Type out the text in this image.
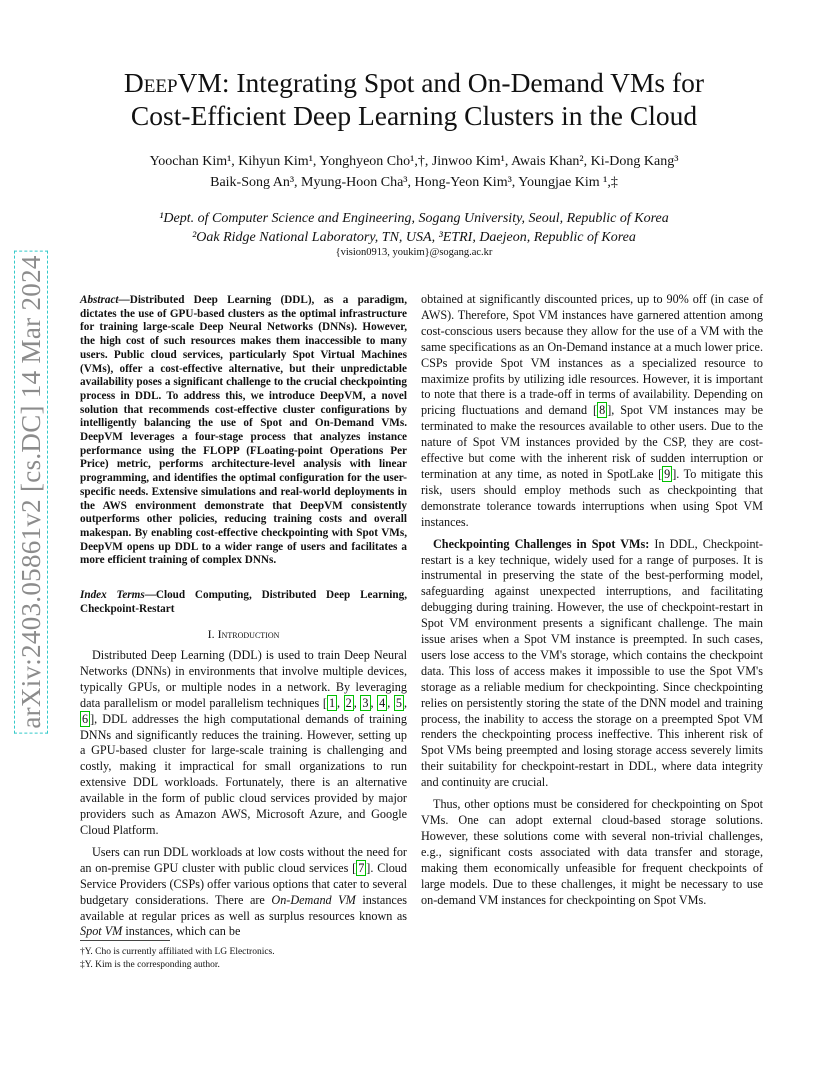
arXiv:2403.05861v2 [cs.DC] 14 Mar 2024
DeepVM: Integrating Spot and On-Demand VMs for
Cost-Efficient Deep Learning Clusters in the Cloud
Yoochan Kim¹, Kihyun Kim¹, Yonghyeon Cho¹,†, Jinwoo Kim¹, Awais Khan², Ki-Dong Kang³
Baik-Song An³, Myung-Hoon Cha³, Hong-Yeon Kim³, Youngjae Kim ¹,‡
¹Dept. of Computer Science and Engineering, Sogang University, Seoul, Republic of Korea
²Oak Ridge National Laboratory, TN, USA, ³ETRI, Daejeon, Republic of Korea
{vision0913, youkim}@sogang.ac.kr
Abstract—Distributed Deep Learning (DDL), as a paradigm, dictates the use of GPU-based clusters as the optimal infrastructure for training large-scale Deep Neural Networks (DNNs). However, the high cost of such resources makes them inaccessible to many users. Public cloud services, particularly Spot Virtual Machines (VMs), offer a cost-effective alternative, but their unpredictable availability poses a significant challenge to the crucial checkpointing process in DDL. To address this, we introduce DeepVM, a novel solution that recommends cost-effective cluster configurations by intelligently balancing the use of Spot and On-Demand VMs. DeepVM leverages a four-stage process that analyzes instance performance using the FLOPP (FLoating-point Operations Per Price) metric, performs architecture-level analysis with linear programming, and identifies the optimal configuration for the user-specific needs. Extensive simulations and real-world deployments in the AWS environment demonstrate that DeepVM consistently outperforms other policies, reducing training costs and overall makespan. By enabling cost-effective checkpointing with Spot VMs, DeepVM opens up DDL to a wider range of users and facilitates a more efficient training of complex DNNs.
Index Terms—Cloud Computing, Distributed Deep Learning, Checkpoint-Restart
I. Introduction

Distributed Deep Learning (DDL) is used to train Deep Neural Networks (DNNs) in environments that involve multiple devices, typically GPUs, or multiple nodes in a network. By leveraging data parallelism or model parallelism techniques [ 1 , 2 , 3 , 4 , 5 , 6 ], DDL addresses the high computational demands of training DNNs and significantly reduces the training. However, setting up a GPU-based cluster for large-scale training is challenging and costly, making it impractical for small organizations to run extensive DDL workloads. Fortunately, there is an alternative available in the form of public cloud services provided by major providers such as Amazon AWS, Microsoft Azure, and Google Cloud Platform.

Users can run DDL workloads at low costs without the need for an on-premise GPU cluster with public cloud services [ 7 ]. Cloud Service Providers (CSPs) offer various options that cater to several budgetary considerations. There are On-Demand VM instances available at regular prices as well as surplus resources known as Spot VM instances, which can be

†Y. Cho is currently affiliated with LG Electronics.
‡Y. Kim is the corresponding author.

obtained at significantly discounted prices, up to 90% off (in case of AWS). Therefore, Spot VM instances have garnered attention among cost-conscious users because they allow for the use of a VM with the same specifications as an On-Demand instance at a much lower price. CSPs provide Spot VM instances as a specialized resource to maximize profits by utilizing idle resources. However, it is important to note that there is a trade-off in terms of availability. Depending on pricing fluctuations and demand [ 8 ], Spot VM instances may be terminated to make the resources available to other users. Due to the nature of Spot VM instances provided by the CSP, they are cost-effective but come with the inherent risk of sudden interruption or termination at any time, as noted in SpotLake [ 9 ]. To mitigate this risk, users should employ methods such as checkpointing that demonstrate tolerance towards interruptions when using Spot VM instances.

Checkpointing Challenges in Spot VMs: In DDL, Checkpoint-restart is a key technique, widely used for a range of purposes. It is instrumental in preserving the state of the best-performing model, safeguarding against unexpected interruptions, and facilitating debugging during training. However, the use of checkpoint-restart in Spot VM environment presents a significant challenge. The main issue arises when a Spot VM instance is preempted. In such cases, users lose access to the VM's storage, which contains the checkpoint data. This loss of access makes it impossible to use the Spot VM's storage as a reliable medium for checkpointing. Since checkpointing relies on persistently storing the state of the DNN model and training process, the inability to access the storage on a preempted Spot VM renders the checkpointing process ineffective. This inherent risk of Spot VMs being preempted and losing storage access severely limits their suitability for checkpoint-restart in DDL, where data integrity and continuity are crucial.

Thus, other options must be considered for checkpointing on Spot VMs. One can adopt external cloud-based storage solutions. However, these solutions come with several non-trivial challenges, e.g., significant costs associated with data transfer and storage, making them economically unfeasible for frequent checkpoints of large models. Due to these challenges, it might be necessary to use on-demand VM instances for checkpointing on Spot VMs.
